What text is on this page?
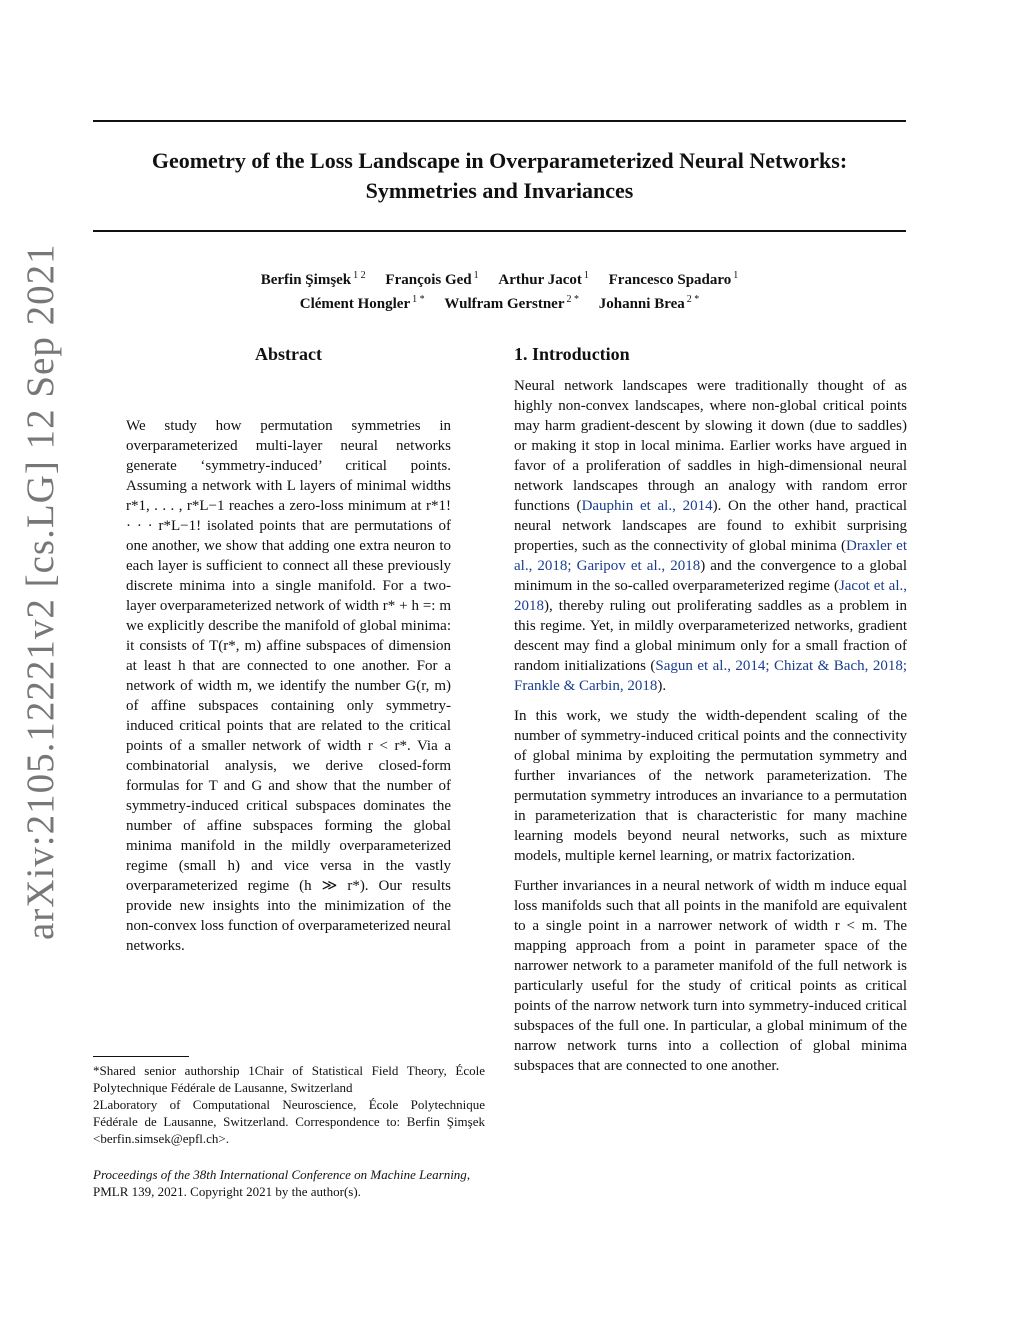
arXiv:2105.12221v2 [cs.LG] 12 Sep 2021
Geometry of the Loss Landscape in Overparameterized Neural Networks:
Symmetries and Invariances
Berfin Şimşek $^{1 2}$ François Ged $^1$ Arthur Jacot $^1$ Francesco Spadaro $^1$
Clément Hongler $^{1 *}$ Wulfram Gerstner $^{2 *}$ Johanni Brea $^{2 *}$
Abstract

We study how permutation symmetries in overparameterized multi-layer neural networks generate ‘symmetry-induced’ critical points. Assuming a network with L layers of minimal widths r*1, . . . , r*L−1 reaches a zero-loss minimum at r*1! · · · r*L−1! isolated points that are permutations of one another, we show that adding one extra neuron to each layer is sufficient to connect all these previously discrete minima into a single manifold. For a two-layer overparameterized network of width r* + h =: m we explicitly describe the manifold of global minima: it consists of T(r*, m) affine subspaces of dimension at least h that are connected to one another. For a network of width m, we identify the number G(r, m) of affine subspaces containing only symmetry-induced critical points that are related to the critical points of a smaller network of width r < r*. Via a combinatorial analysis, we derive closed-form formulas for T and G and show that the number of symmetry-induced critical subspaces dominates the number of affine subspaces forming the global minima manifold in the mildly overparameterized regime (small h) and vice versa in the vastly overparameterized regime (h ≫ r*). Our results provide new insights into the minimization of the non-convex loss function of overparameterized neural networks.

1. Introduction

Neural network landscapes were traditionally thought of as highly non-convex landscapes, where non-global critical points may harm gradient-descent by slowing it down (due to saddles) or making it stop in local minima. Earlier works have argued in favor of a proliferation of saddles in high-dimensional neural network landscapes through an analogy with random error functions (Dauphin et al., 2014). On the other hand, practical neural network landscapes are found to exhibit surprising properties, such as the connectivity of global minima (Draxler et al., 2018; Garipov et al., 2018) and the convergence to a global minimum in the so-called overparameterized regime (Jacot et al., 2018), thereby ruling out proliferating saddles as a problem in this regime. Yet, in mildly overparameterized networks, gradient descent may find a global minimum only for a small fraction of random initializations (Sagun et al., 2014; Chizat & Bach, 2018; Frankle & Carbin, 2018).

In this work, we study the width-dependent scaling of the number of symmetry-induced critical points and the connectivity of global minima by exploiting the permutation symmetry and further invariances of the network parameterization. The permutation symmetry introduces an invariance to a permutation in parameterization that is characteristic for many machine learning models beyond neural networks, such as mixture models, multiple kernel learning, or matrix factorization.

Further invariances in a neural network of width m induce equal loss manifolds such that all points in the manifold are equivalent to a single point in a narrower network of width r < m. The mapping approach from a point in parameter space of the narrower network to a parameter manifold of the full network is particularly useful for the study of critical points as critical points of the narrow network turn into symmetry-induced critical subspaces of the full one. In particular, a global minimum of the narrow network turns into a collection of global minima subspaces that are connected to one another.

*Shared senior authorship 1Chair of Statistical Field Theory, École Polytechnique Fédérale de Lausanne, Switzerland

2Laboratory of Computational Neuroscience, École Polytechnique Fédérale de Lausanne, Switzerland. Correspondence to: Berfin Şimşek <berfin.simsek@epfl.ch>.

Proceedings of the 38th International Conference on Machine Learning, PMLR 139, 2021. Copyright 2021 by the author(s).
